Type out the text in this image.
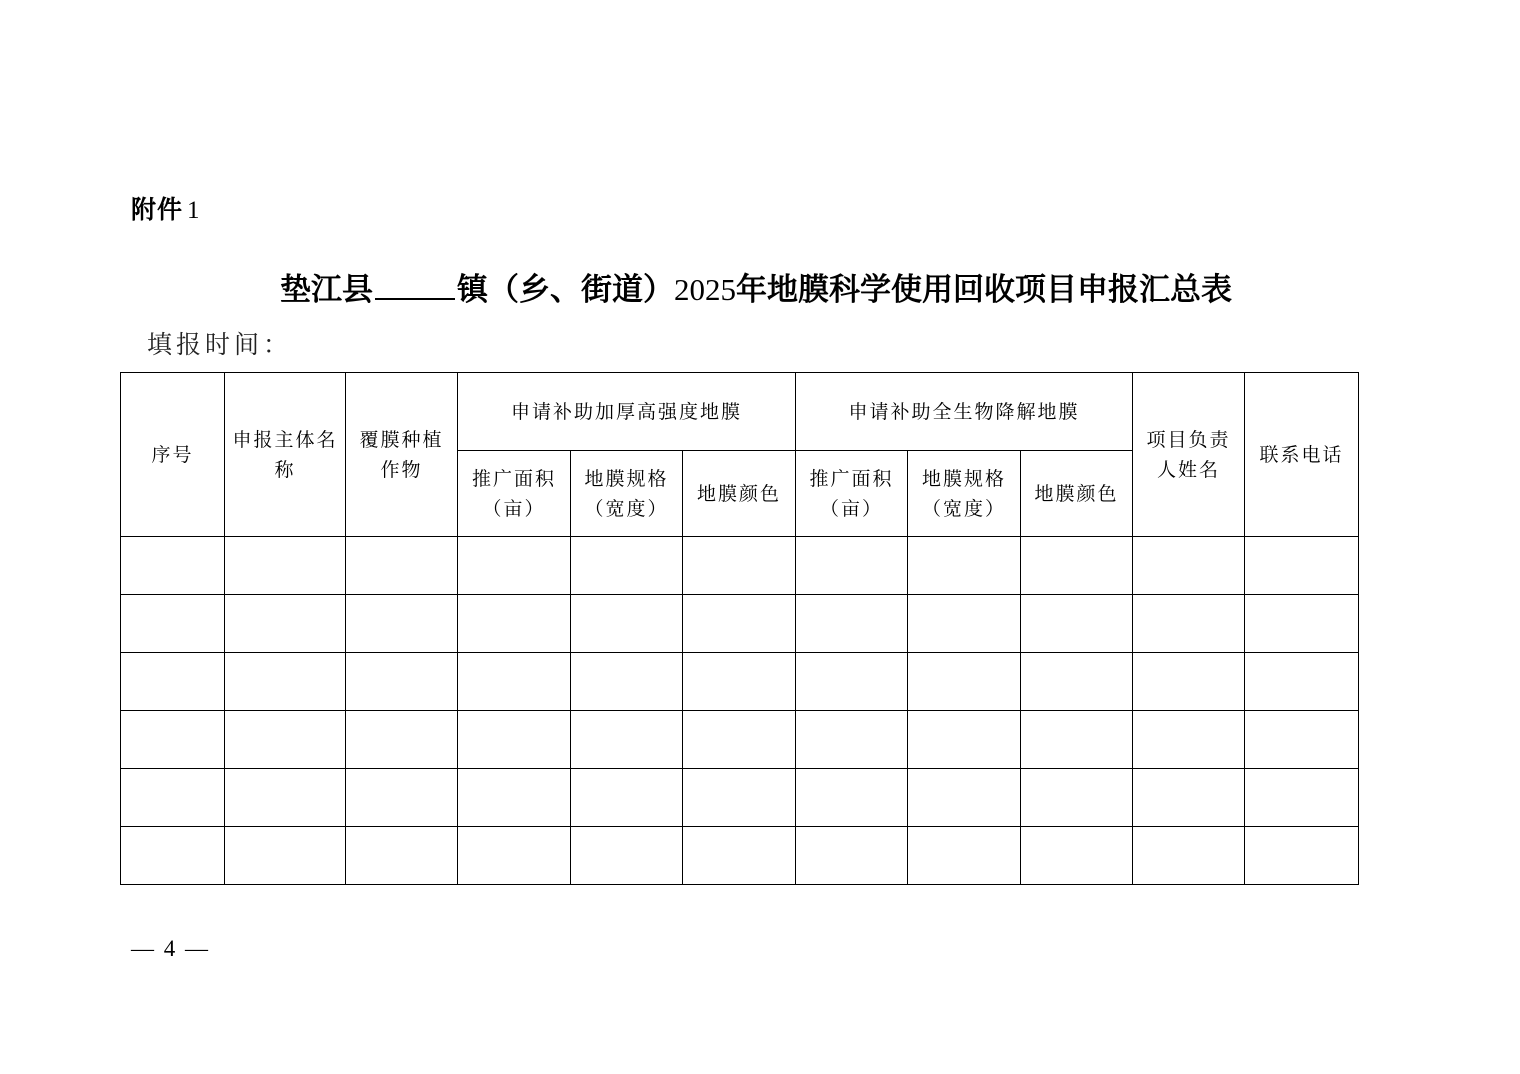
附件 1
垫江县	镇（乡、街道）2025年地膜科学使用回收项目申报汇总表
填报时间：
序号	申报主体名称	覆膜种植作物	申请补助加厚高强度地膜			申请补助全生物降解地膜			项目负责人姓名	联系电话
			推广面积（亩）	地膜规格（宽度）	地膜颜色	推广面积（亩）	地膜规格（宽度）	地膜颜色		

— 4 —
